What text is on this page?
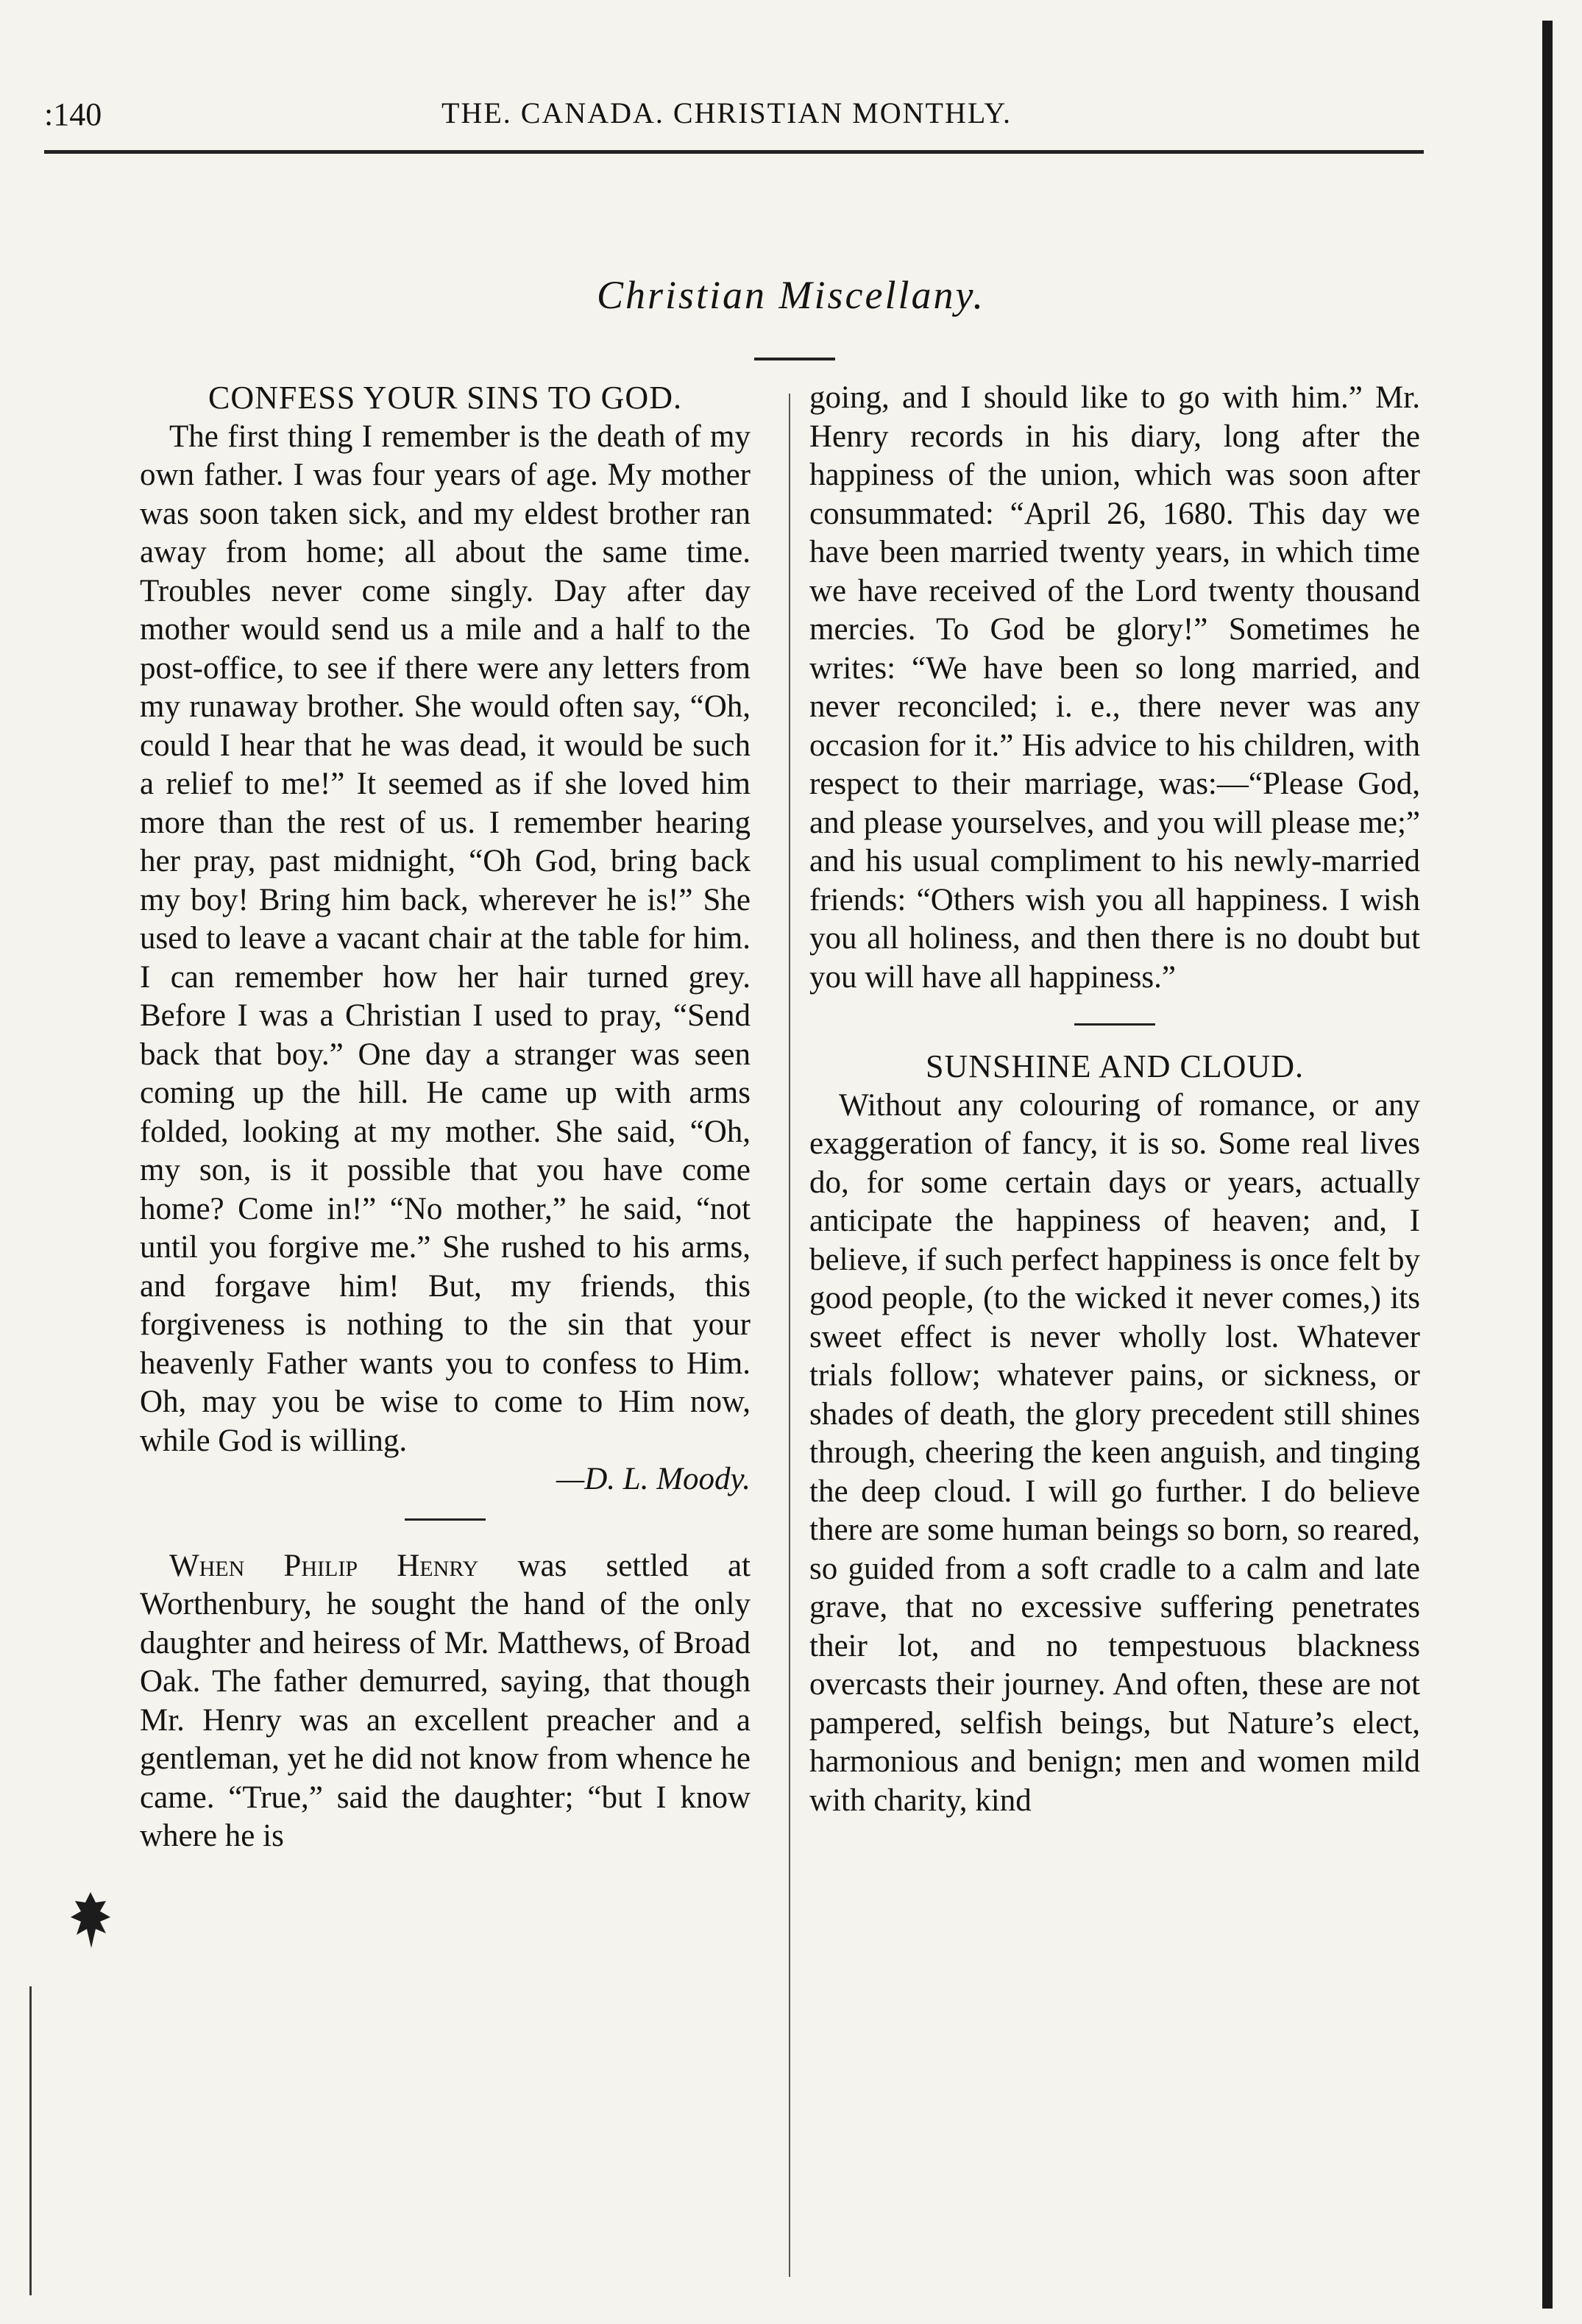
:140	THE. CANADA. CHRISTIAN MONTHLY.
Christian Miscellany.
CONFESS YOUR SINS TO GOD.

The first thing I remember is the death of my own father. I was four years of age. My mother was soon taken sick, and my eldest brother ran away from home; all about the same time. Troubles never come singly. Day after day mother would send us a mile and a half to the post-office, to see if there were any letters from my runaway brother. She would often say, “Oh, could I hear that he was dead, it would be such a relief to me!” It seemed as if she loved him more than the rest of us. I remember hearing her pray, past midnight, “Oh God, bring back my boy! Bring him back, wherever he is!” She used to leave a vacant chair at the table for him. I can remember how her hair turned grey. Before I was a Christian I used to pray, “Send back that boy.” One day a stranger was seen coming up the hill. He came up with arms folded, looking at my mother. She said, “Oh, my son, is it possible that you have come home? Come in!” “No mother,” he said, “not until you forgive me.” She rushed to his arms, and forgave him! But, my friends, this forgiveness is nothing to the sin that your heavenly Father wants you to confess to Him. Oh, may you be wise to come to Him now, while God is willing.

—D. L. Moody.

When Philip Henry was settled at Worthenbury, he sought the hand of the only daughter and heiress of Mr. Matthews, of Broad Oak. The father demurred, saying, that though Mr. Henry was an excellent preacher and a gentleman, yet he did not know from whence he came. “True,” said the daughter; “but I know where he is

going, and I should like to go with him.” Mr. Henry records in his diary, long after the happiness of the union, which was soon after consummated: “April 26, 1680. This day we have been married twenty years, in which time we have received of the Lord twenty thousand mercies. To God be glory!” Sometimes he writes: “We have been so long married, and never reconciled; i. e., there never was any occasion for it.” His advice to his children, with respect to their marriage, was:—“Please God, and please yourselves, and you will please me;” and his usual compliment to his newly-married friends: “Others wish you all happiness. I wish you all holiness, and then there is no doubt but you will have all happiness.”

SUNSHINE AND CLOUD.

Without any colouring of romance, or any exaggeration of fancy, it is so. Some real lives do, for some certain days or years, actually anticipate the happiness of heaven; and, I believe, if such perfect happiness is once felt by good people, (to the wicked it never comes,) its sweet effect is never wholly lost. Whatever trials follow; whatever pains, or sickness, or shades of death, the glory precedent still shines through, cheering the keen anguish, and tinging the deep cloud. I will go further. I do believe there are some human beings so born, so reared, so guided from a soft cradle to a calm and late grave, that no excessive suffering penetrates their lot, and no tempestuous blackness overcasts their journey. And often, these are not pampered, selfish beings, but Nature’s elect, harmonious and benign; men and women mild with charity, kind
